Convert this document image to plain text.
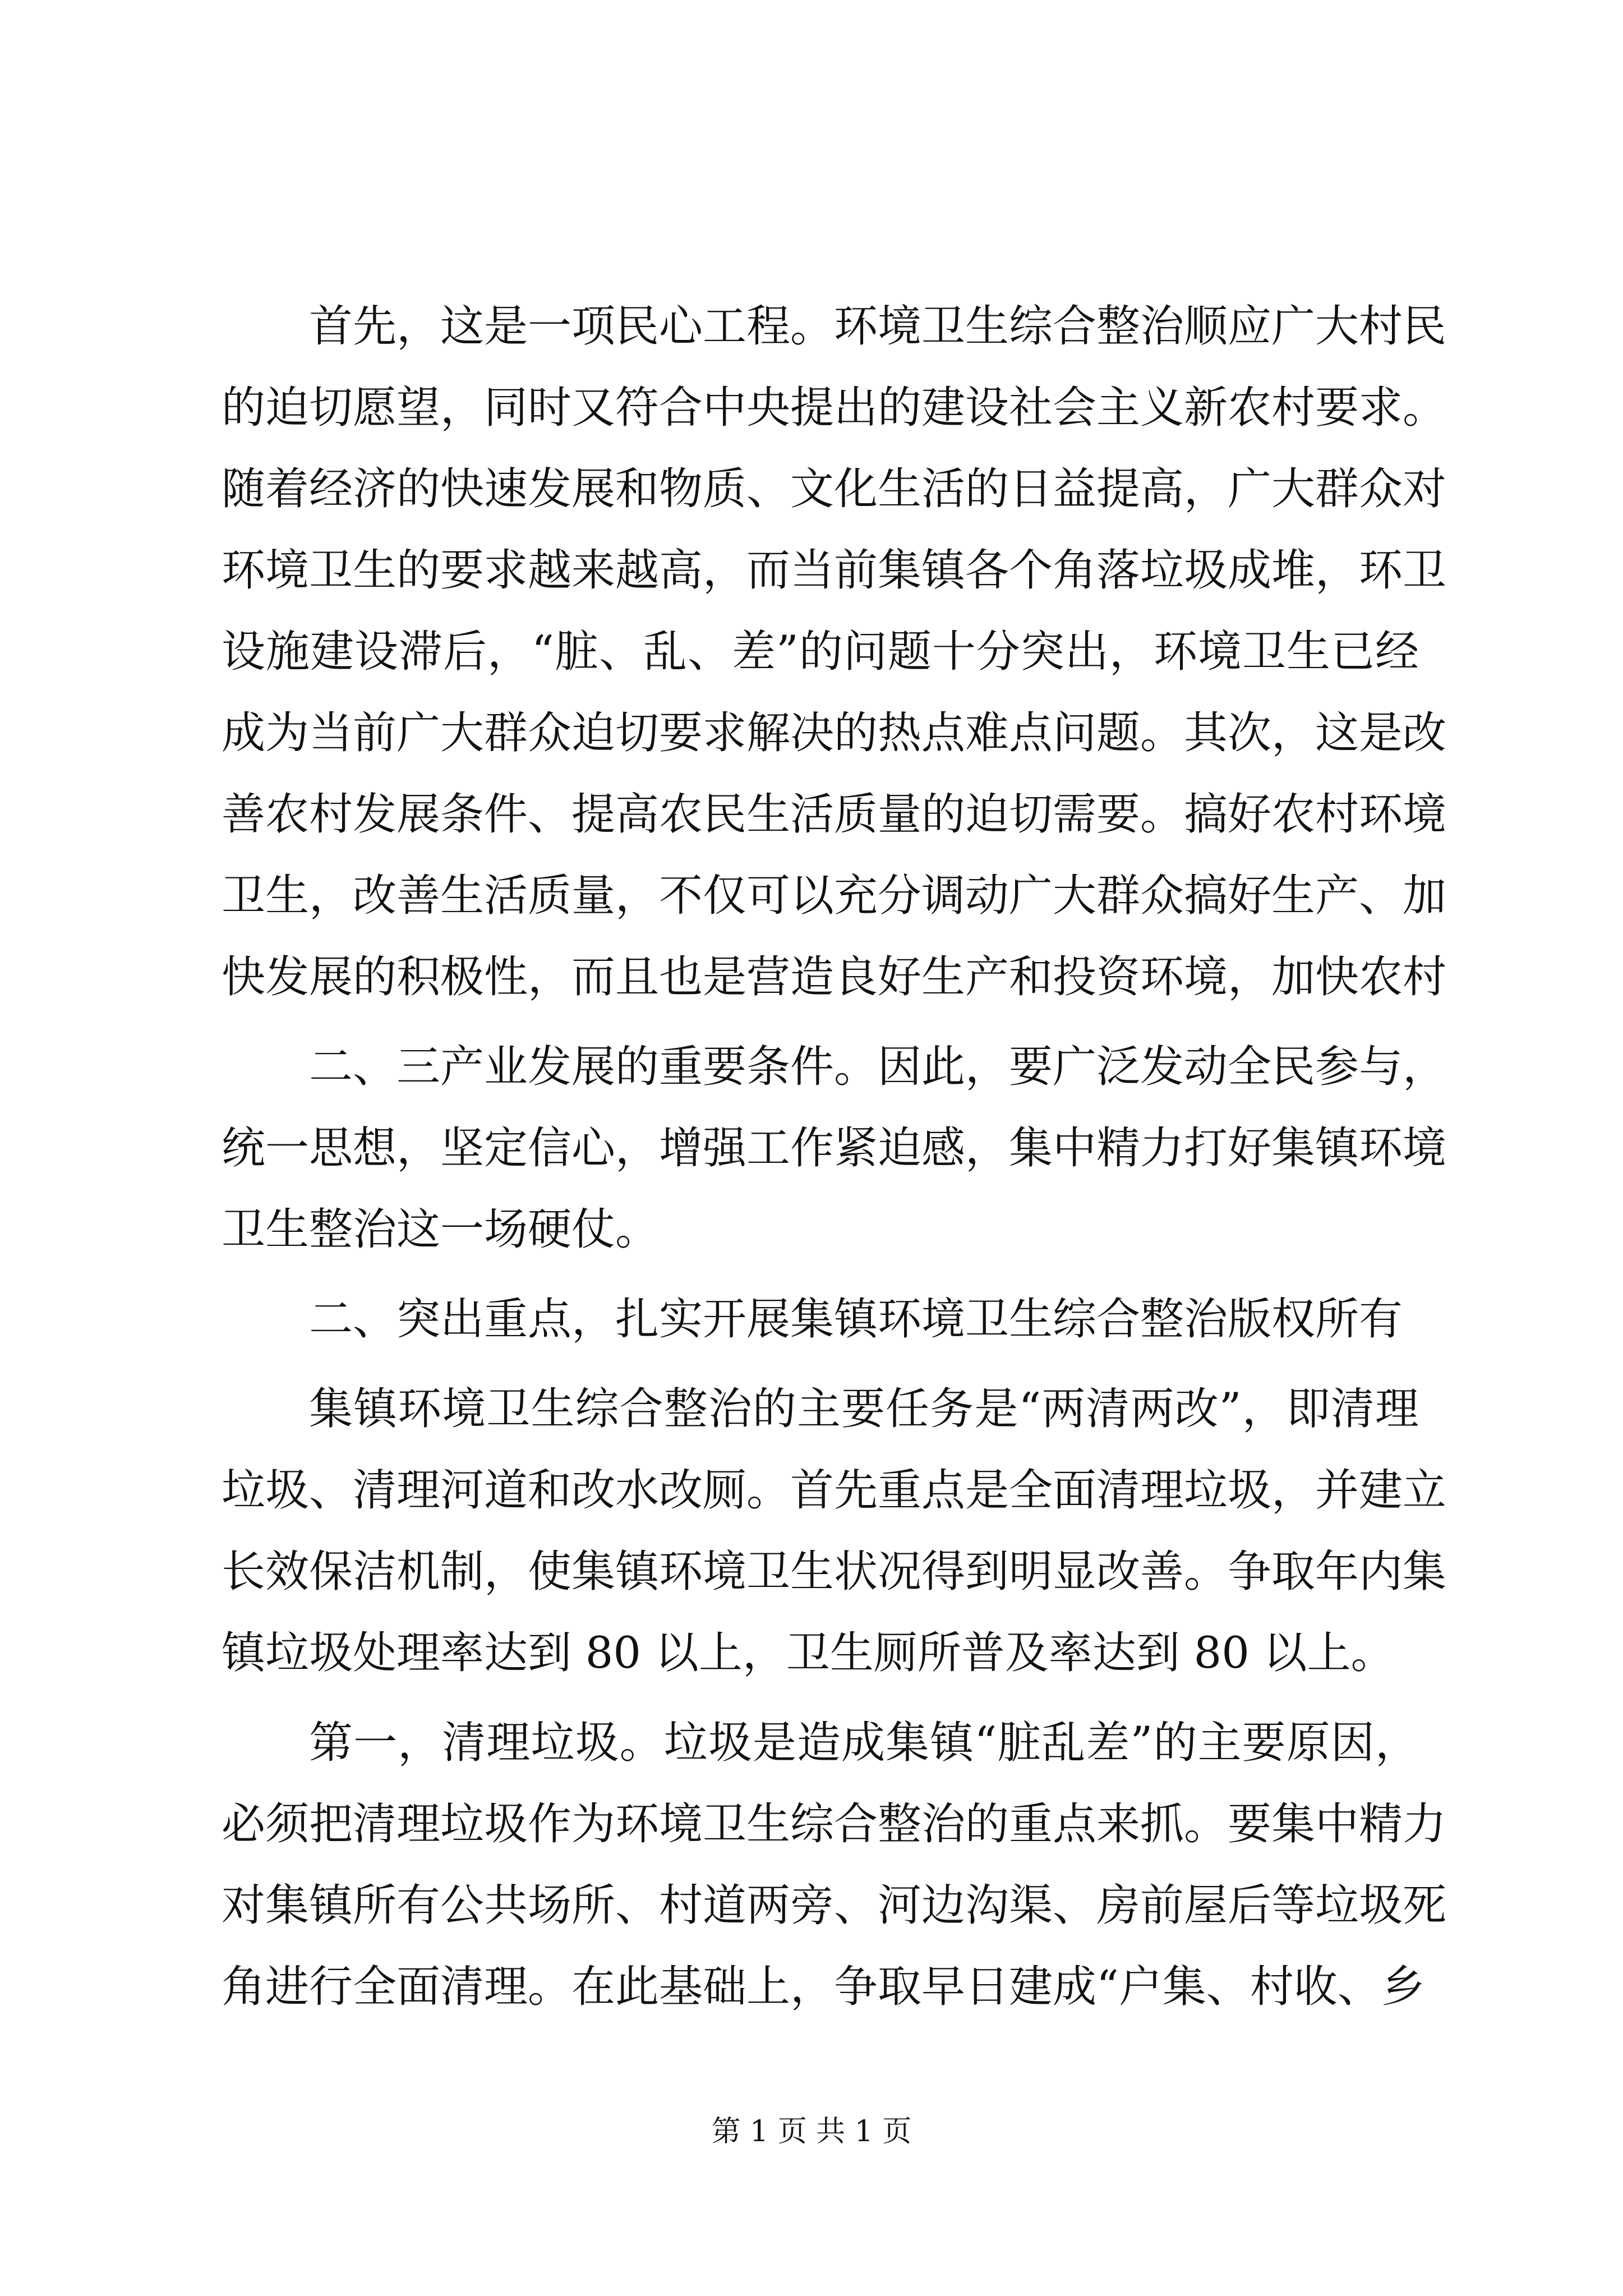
首先，这是一项民心工程。环境卫生综合整治顺应广大村民
的迫切愿望，同时又符合中央提出的建设社会主义新农村要求。
随着经济的快速发展和物质、文化生活的日益提高，广大群众对
环境卫生的要求越来越高，而当前集镇各个角落垃圾成堆，环卫
设施建设滞后，“脏、乱、差”的问题十分突出，环境卫生已经
成为当前广大群众迫切要求解决的热点难点问题。其次，这是改
善农村发展条件、提高农民生活质量的迫切需要。搞好农村环境
卫生，改善生活质量，不仅可以充分调动广大群众搞好生产、加
快发展的积极性，而且也是营造良好生产和投资环境，加快农村
二、三产业发展的重要条件。因此，要广泛发动全民参与，
统一思想，坚定信心，增强工作紧迫感，集中精力打好集镇环境
卫生整治这一场硬仗。
二、突出重点，扎实开展集镇环境卫生综合整治版权所有
集镇环境卫生综合整治的主要任务是“两清两改”，即清理
垃圾、清理河道和改水改厕。首先重点是全面清理垃圾，并建立
长效保洁机制，使集镇环境卫生状况得到明显改善。争取年内集
镇垃圾处理率达到 80 以上，卫生厕所普及率达到 80 以上。
第一，清理垃圾。垃圾是造成集镇“脏乱差”的主要原因，
必须把清理垃圾作为环境卫生综合整治的重点来抓。要集中精力
对集镇所有公共场所、村道两旁、河边沟渠、房前屋后等垃圾死
角进行全面清理。在此基础上，争取早日建成“户集、村收、乡
第 1 页 共 1 页
